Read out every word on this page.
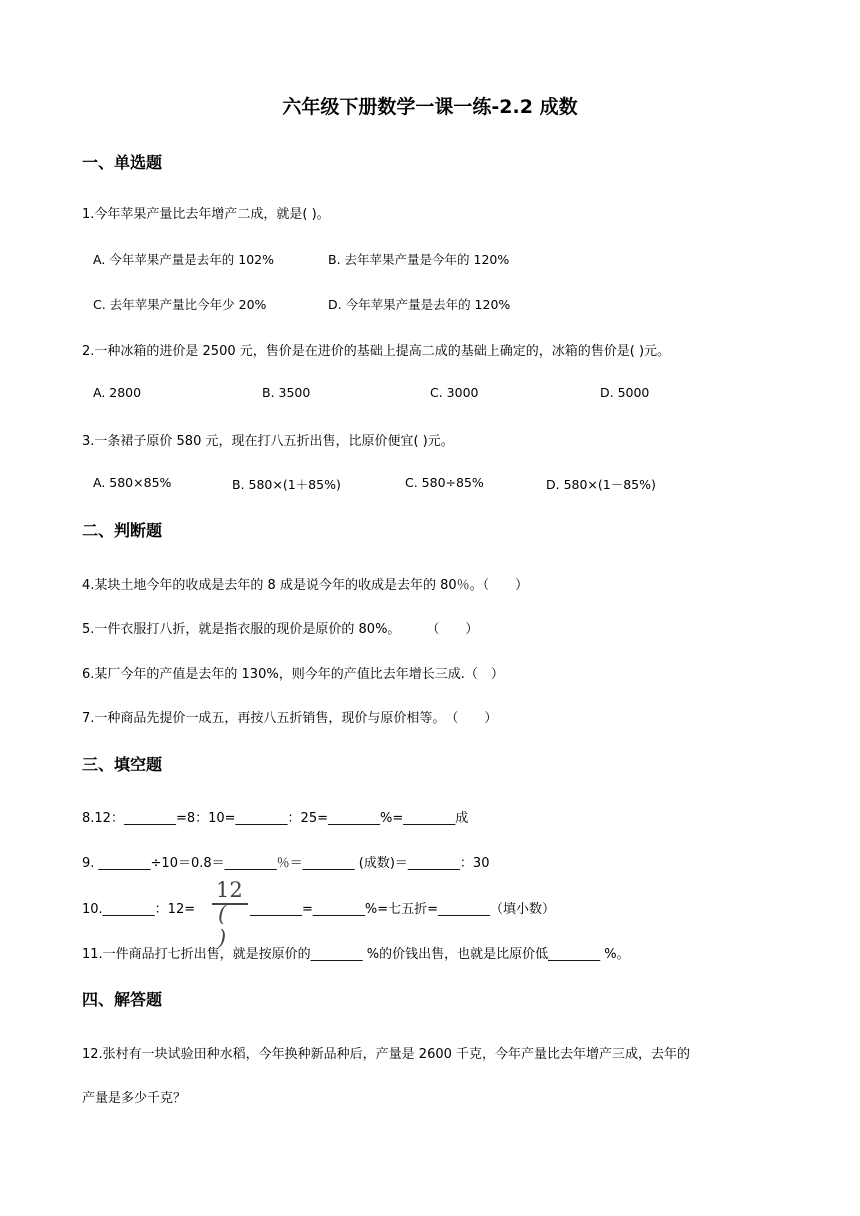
六年级下册数学一课一练-2.2 成数
一、单选题
1.今年苹果产量比去年增产二成，就是( )。
A. 今年苹果产量是去年的 102%	B. 去年苹果产量是今年的 120%
C. 去年苹果产量比今年少 20%	D. 今年苹果产量是去年的 120%
2.一种冰箱的进价是 2500 元，售价是在进价的基础上提高二成的基础上确定的，冰箱的售价是( )元。
A. 2800	B. 3500	C. 3000	D. 5000
3.一条裙子原价 580 元，现在打八五折出售，比原价便宜( )元。
A. 580×85%	B. 580×(1＋85%)	C. 580÷85%	D. 580×(1－85%)
二、判断题
4.某块土地今年的收成是去年的 8 成是说今年的收成是去年的 80％。（　　）
5.一件衣服打八折，就是指衣服的现价是原价的 80%。　　　（　　）
6.某厂今年的产值是去年的 130%，则今年的产值比去年增长三成.（　）
7.一种商品先提价一成五，再按八五折销售，现价与原价相等。　（　　）
三、填空题
8.12：________=8：10=________：25=________%=________成
9. ________÷10＝0.8＝________％＝________ (成数)＝________：30
10.________：12=
12
( )
________=________%=七五折=________（填小数）
11.一件商品打七折出售，就是按原价的________ %的价钱出售，也就是比原价低________ %。
四、解答题
12.张村有一块试验田种水稻，今年换种新品种后，产量是 2600 千克，今年产量比去年增产三成，去年的
产量是多少千克？
